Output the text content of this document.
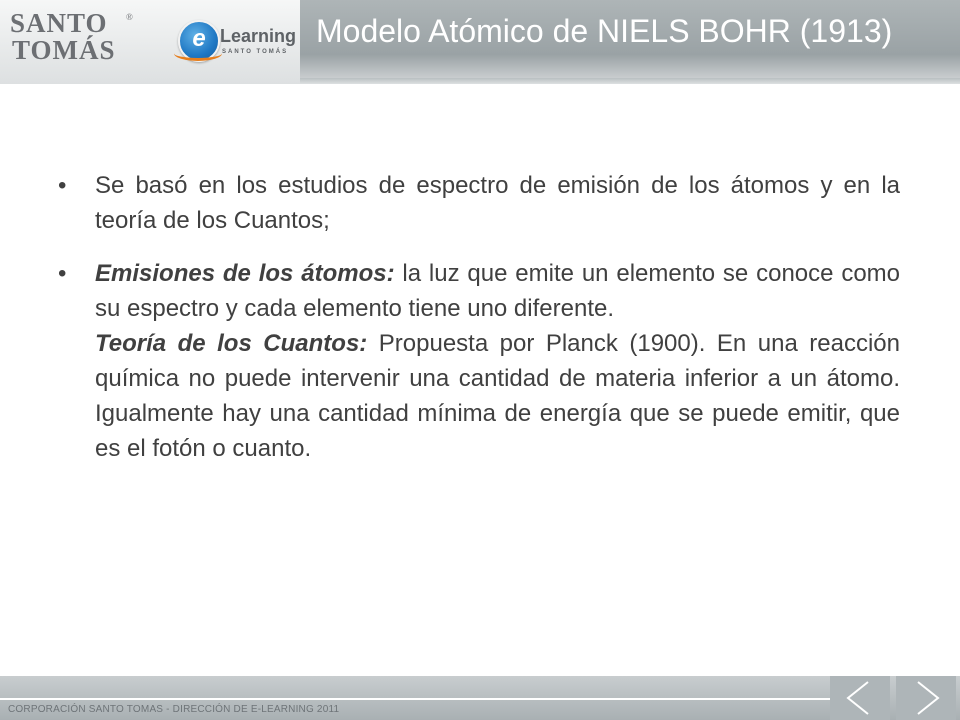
SANTO
TOMÁS
®
e Learning
SANTO TOMÁS
Modelo Atómico de NIELS BOHR (1913)
•	Se basó en los estudios de espectro de emisión de los átomos y en la teoría de los Cuantos;
•	Emisiones de los átomos: la luz que emite un elemento se conoce como su espectro y cada elemento tiene uno diferente.
Teoría de los Cuantos: Propuesta por Planck (1900). En una reacción química no puede intervenir una cantidad de materia inferior a un átomo. Igualmente hay una cantidad mínima de energía que se puede emitir, que es el fotón o cuanto.
CORPORACIÓN SANTO TOMAS - DIRECCIÓN DE E-LEARNING 2011
